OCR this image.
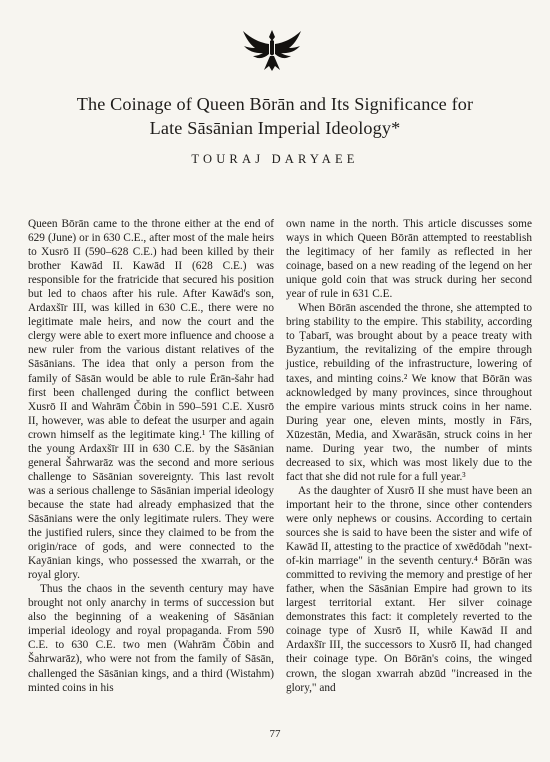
The Coinage of Queen Bōrān and Its Significance for
Late Sāsānian Imperial Ideology*
TOURAJ DARYAEE

Queen Bōrān came to the throne either at the end of 629 (June) or in 630 C.E., after most of the male heirs to Xusrō II (590–628 C.E.) had been killed by their brother Kawād II. Kawād II (628 C.E.) was responsible for the fratricide that secured his position but led to chaos after his rule. After Kawād's son, Ardaxšīr III, was killed in 630 C.E., there were no legitimate male heirs, and now the court and the clergy were able to exert more influence and choose a new ruler from the various distant relatives of the Sāsānians. The idea that only a person from the family of Sāsān would be able to rule Ērān-šahr had first been challenged during the conflict between Xusrō II and Wahrām Čōbin in 590–591 C.E. Xusrō II, however, was able to defeat the usurper and again crown himself as the legitimate king.¹ The killing of the young Ardaxšīr III in 630 C.E. by the Sāsānian general Šahrwarāz was the second and more serious challenge to Sāsānian sovereignty. This last revolt was a serious challenge to Sāsānian imperial ideology because the state had already emphasized that the Sāsānians were the only legitimate rulers. They were the justified rulers, since they claimed to be from the origin/race of gods, and were connected to the Kayānian kings, who possessed the xwarrah, or the royal glory.

Thus the chaos in the seventh century may have brought not only anarchy in terms of succession but also the beginning of a weakening of Sāsānian imperial ideology and royal propaganda. From 590 C.E. to 630 C.E. two men (Wahrām Čōbin and Šahrwarāz), who were not from the family of Sāsān, challenged the Sāsānian kings, and a third (Wistahm) minted coins in his

own name in the north. This article discusses some ways in which Queen Bōrān attempted to reestablish the legitimacy of her family as reflected in her coinage, based on a new reading of the legend on her unique gold coin that was struck during her second year of rule in 631 C.E.

When Bōrān ascended the throne, she attempted to bring stability to the empire. This stability, according to Ṭabarī, was brought about by a peace treaty with Byzantium, the revitalizing of the empire through justice, rebuilding of the infrastructure, lowering of taxes, and minting coins.² We know that Bōrān was acknowledged by many provinces, since throughout the empire various mints struck coins in her name. During year one, eleven mints, mostly in Fārs, Xūzestān, Media, and Xwarāsān, struck coins in her name. During year two, the number of mints decreased to six, which was most likely due to the fact that she did not rule for a full year.³

As the daughter of Xusrō II she must have been an important heir to the throne, since other contenders were only nephews or cousins. According to certain sources she is said to have been the sister and wife of Kawād II, attesting to the practice of xwēdōdah "next-of-kin marriage" in the seventh century.⁴ Bōrān was committed to reviving the memory and prestige of her father, when the Sāsānian Empire had grown to its largest territorial extant. Her silver coinage demonstrates this fact: it completely reverted to the coinage type of Xusrō II, while Kawād II and Ardaxšīr III, the successors to Xusrō II, had changed their coinage type. On Bōrān's coins, the winged crown, the slogan xwarrah abzūd "increased in the glory," and

77
